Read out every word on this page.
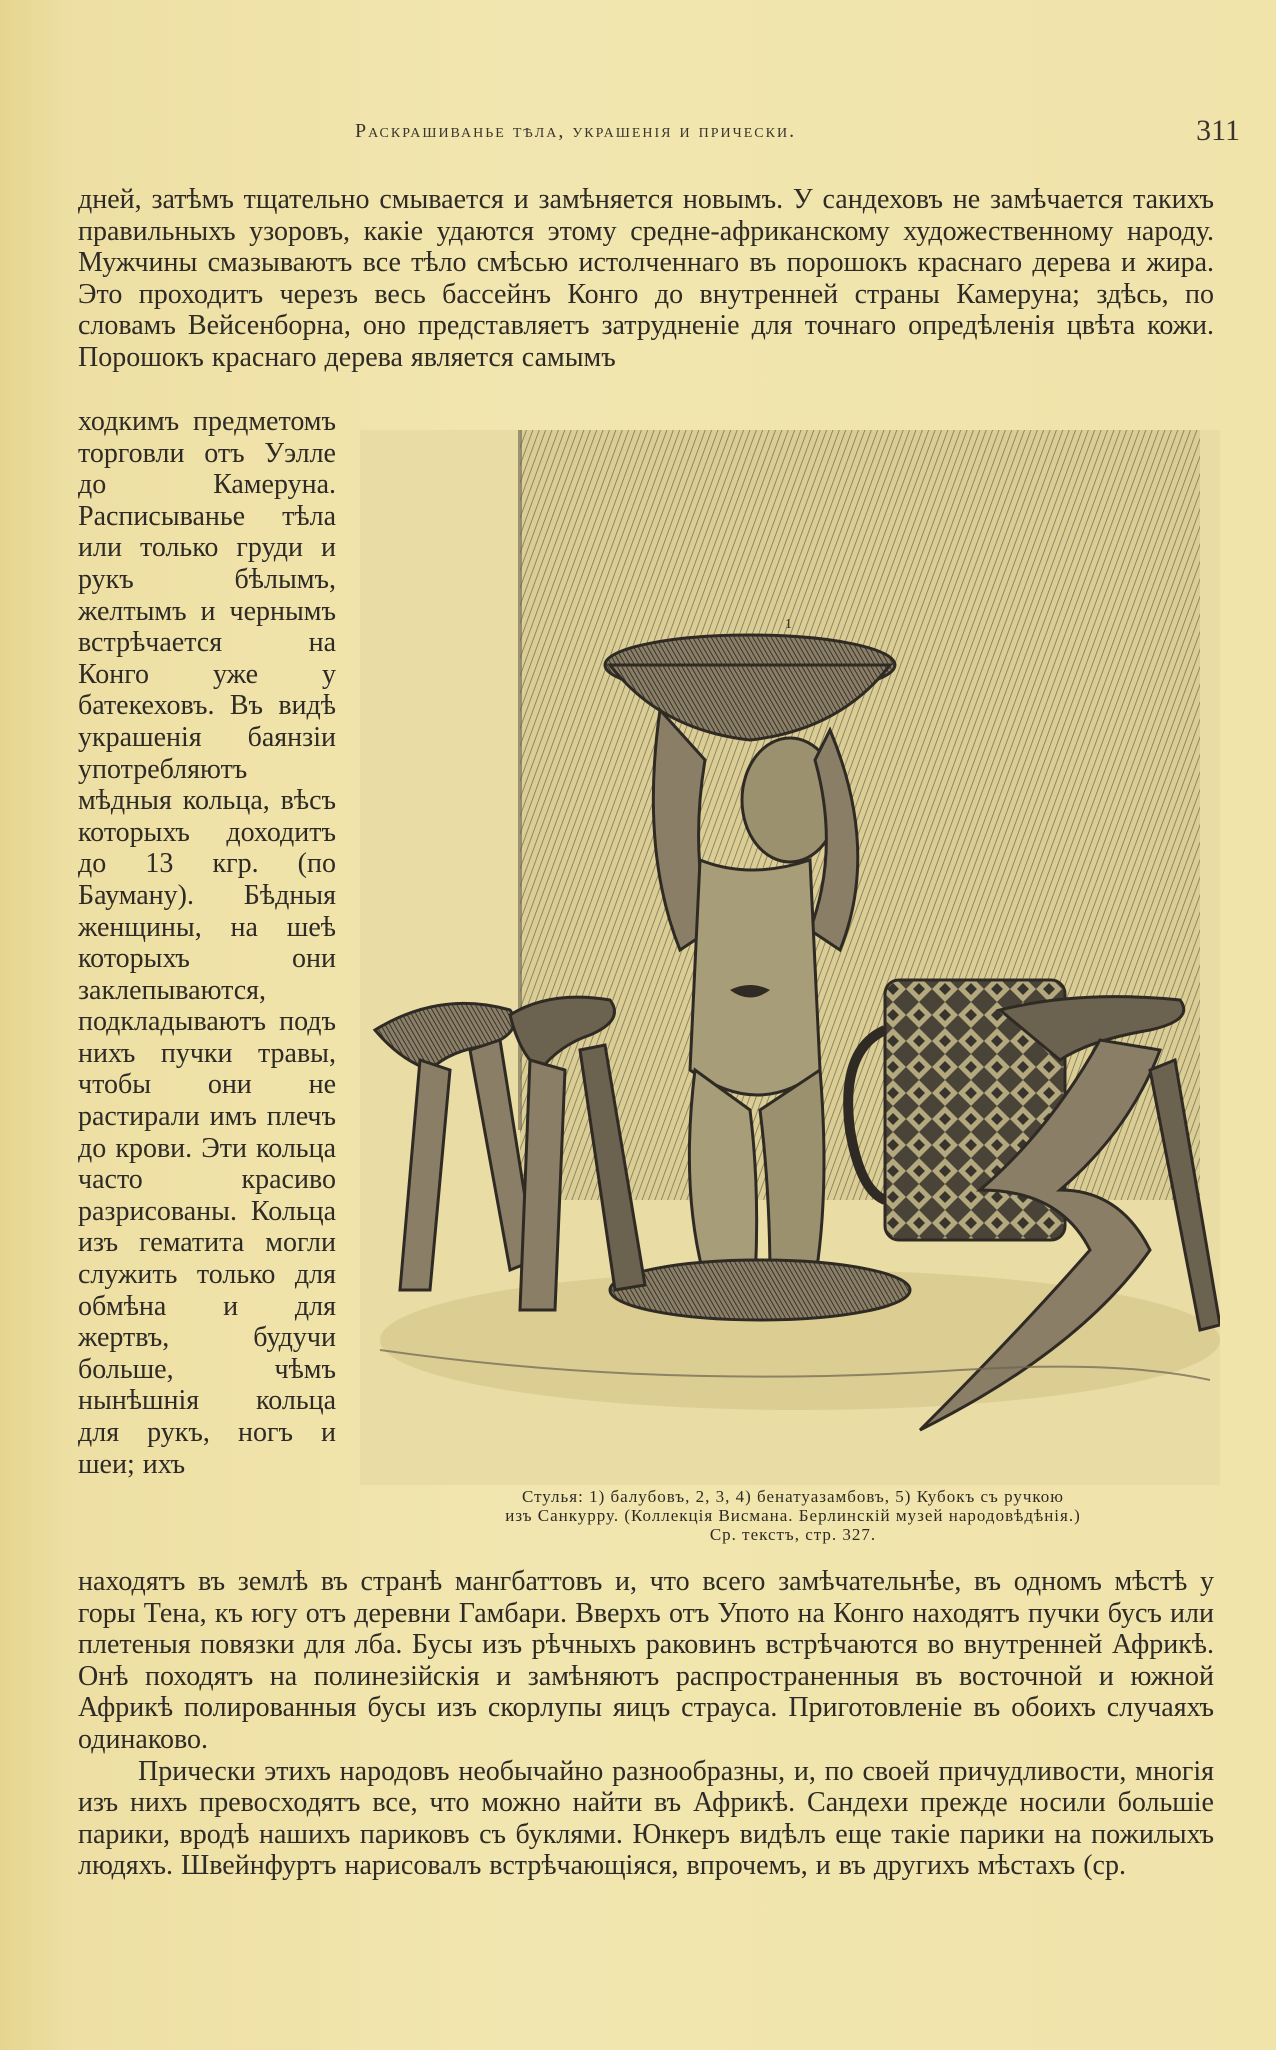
Раскрашиванье тѣла, украшенія и прически.	311

дней, затѣмъ тщательно смывается и замѣняется новымъ. У сандеховъ не замѣчается такихъ правильныхъ узоровъ, какіе удаются этому средне-африканскому художественному народу. Мужчины смазываютъ все тѣло смѣсью истолченнаго въ порошокъ краснаго дерева и жира. Это проходитъ черезъ весь бассейнъ Конго до внутренней страны Камеруна; здѣсь, по словамъ Вейсенборна, оно представляетъ затрудненіе для точнаго опредѣленія цвѣта кожи. Порошокъ краснаго дерева является самымъ

ходкимъ предметомъ торговли отъ Уэлле до Камеруна. Расписыванье тѣла или только груди и рукъ бѣлымъ, желтымъ и чернымъ встрѣчается на Конго уже у батекеховъ. Въ видѣ украшенія баянзіи употребляютъ мѣдныя кольца, вѣсъ которыхъ доходитъ до 13 кгр. (по Бауману). Бѣдныя женщины, на шеѣ которыхъ они заклепываются, подкладываютъ подъ нихъ пучки травы, чтобы они не растирали имъ плечъ до крови. Эти кольца часто красиво разрисованы. Кольца изъ гематита могли служить только для обмѣна и для жертвъ, будучи больше, чѣмъ нынѣшнія кольца для рукъ, ногъ и шеи; ихъ

1
Стулья: 1) балубовъ, 2, 3, 4) бенатуазамбовъ, 5) Кубокъ съ ручкою
изъ Санкурру. (Коллекція Висмана. Берлинскій музей народовѣдѣнія.)
Ср. текстъ, стр. 327.

находятъ въ землѣ въ странѣ мангбаттовъ и, что всего замѣчательнѣе, въ одномъ мѣстѣ у горы Тена, къ югу отъ деревни Гамбари. Вверхъ отъ Упото на Конго находятъ пучки бусъ или плетеныя повязки для лба. Бусы изъ рѣчныхъ раковинъ встрѣчаются во внутренней Африкѣ. Онѣ походятъ на полинезійскія и замѣняютъ распространенныя въ восточной и южной Африкѣ полированныя бусы изъ скорлупы яицъ страуса. Приготовленіе въ обоихъ случаяхъ одинаково.

Прически этихъ народовъ необычайно разнообразны, и, по своей причудливости, многія изъ нихъ превосходятъ все, что можно найти въ Африкѣ. Сандехи прежде носили большіе парики, вродѣ нашихъ париковъ съ буклями. Юнкеръ видѣлъ еще такіе парики на пожилыхъ людяхъ. Швейнфуртъ нарисовалъ встрѣчающіяся, впрочемъ, и въ другихъ мѣстахъ (ср.
